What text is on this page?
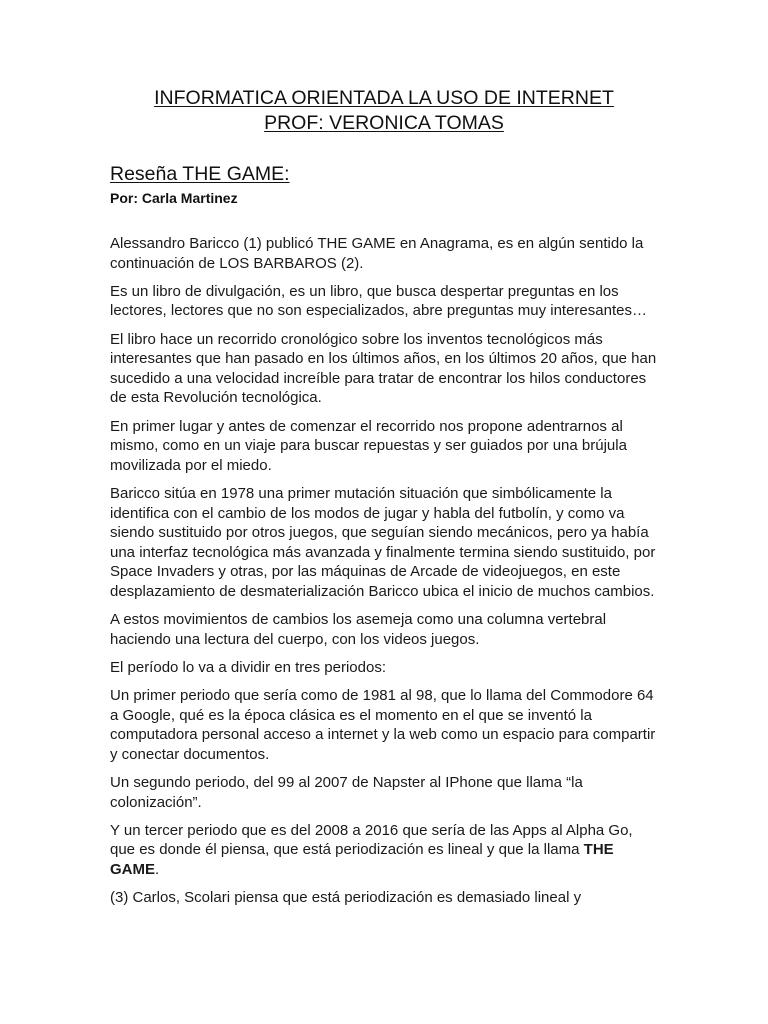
INFORMATICA ORIENTADA LA USO DE INTERNET
PROF: VERONICA TOMAS
Reseña THE GAME:
Por: Carla Martinez

Alessandro Baricco (1) publicó THE GAME en Anagrama, es en algún sentido la continuación de LOS BARBAROS (2).

Es un libro de divulgación, es un libro, que busca despertar preguntas en los lectores, lectores que no son especializados, abre preguntas muy interesantes…

El libro hace un recorrido cronológico sobre los inventos tecnológicos más interesantes que han pasado en los últimos años, en los últimos 20 años, que han sucedido a una velocidad increíble para tratar de encontrar los hilos conductores de esta Revolución tecnológica.

En primer lugar y antes de comenzar el recorrido nos propone adentrarnos al mismo, como en un viaje para buscar repuestas y ser guiados por una brújula movilizada por el miedo.

Baricco sitúa en 1978 una primer mutación situación que simbólicamente la identifica con el cambio de los modos de jugar y habla del futbolín, y como va siendo sustituido por otros juegos, que seguían siendo mecánicos, pero ya había una interfaz tecnológica más avanzada y finalmente termina siendo sustituido, por Space Invaders y otras, por las máquinas de Arcade de videojuegos, en este desplazamiento de desmaterialización Baricco ubica el inicio de muchos cambios.

A estos movimientos de cambios los asemeja como una columna vertebral haciendo una lectura del cuerpo, con los videos juegos.

El período lo va a dividir en tres periodos:

Un primer periodo que sería como de 1981 al 98, que lo llama del Commodore 64 a Google, qué es la época clásica es el momento en el que se inventó la computadora personal acceso a internet y la web como un espacio para compartir y conectar documentos.

Un segundo periodo, del 99 al 2007 de Napster al IPhone que llama “la colonización”.

Y un tercer periodo que es del 2008 a 2016 que sería de las Apps al Alpha Go, que es donde él piensa, que está periodización es lineal y que la llama THE GAME.

(3) Carlos, Scolari piensa que está periodización es demasiado lineal y
